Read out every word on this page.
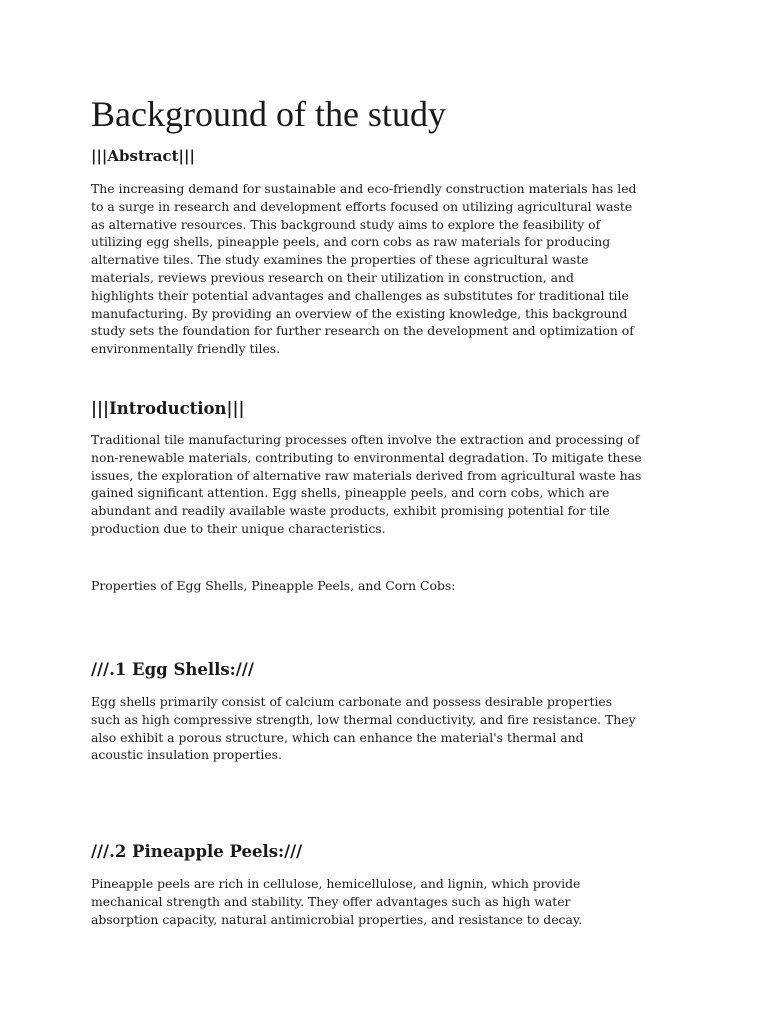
Background of the study
|||Abstract|||
The increasing demand for sustainable and eco-friendly construction materials has led
to a surge in research and development efforts focused on utilizing agricultural waste
as alternative resources. This background study aims to explore the feasibility of
utilizing egg shells, pineapple peels, and corn cobs as raw materials for producing
alternative tiles. The study examines the properties of these agricultural waste
materials, reviews previous research on their utilization in construction, and
highlights their potential advantages and challenges as substitutes for traditional tile
manufacturing. By providing an overview of the existing knowledge, this background
study sets the foundation for further research on the development and optimization of
environmentally friendly tiles.
|||Introduction|||
Traditional tile manufacturing processes often involve the extraction and processing of
non-renewable materials, contributing to environmental degradation. To mitigate these
issues, the exploration of alternative raw materials derived from agricultural waste has
gained significant attention. Egg shells, pineapple peels, and corn cobs, which are
abundant and readily available waste products, exhibit promising potential for tile
production due to their unique characteristics.

Properties of Egg Shells, Pineapple Peels, and Corn Cobs:

///.1 Egg Shells:///
Egg shells primarily consist of calcium carbonate and possess desirable properties
such as high compressive strength, low thermal conductivity, and fire resistance. They
also exhibit a porous structure, which can enhance the material's thermal and
acoustic insulation properties.
///.2 Pineapple Peels:///
Pineapple peels are rich in cellulose, hemicellulose, and lignin, which provide
mechanical strength and stability. They offer advantages such as high water
absorption capacity, natural antimicrobial properties, and resistance to decay.
